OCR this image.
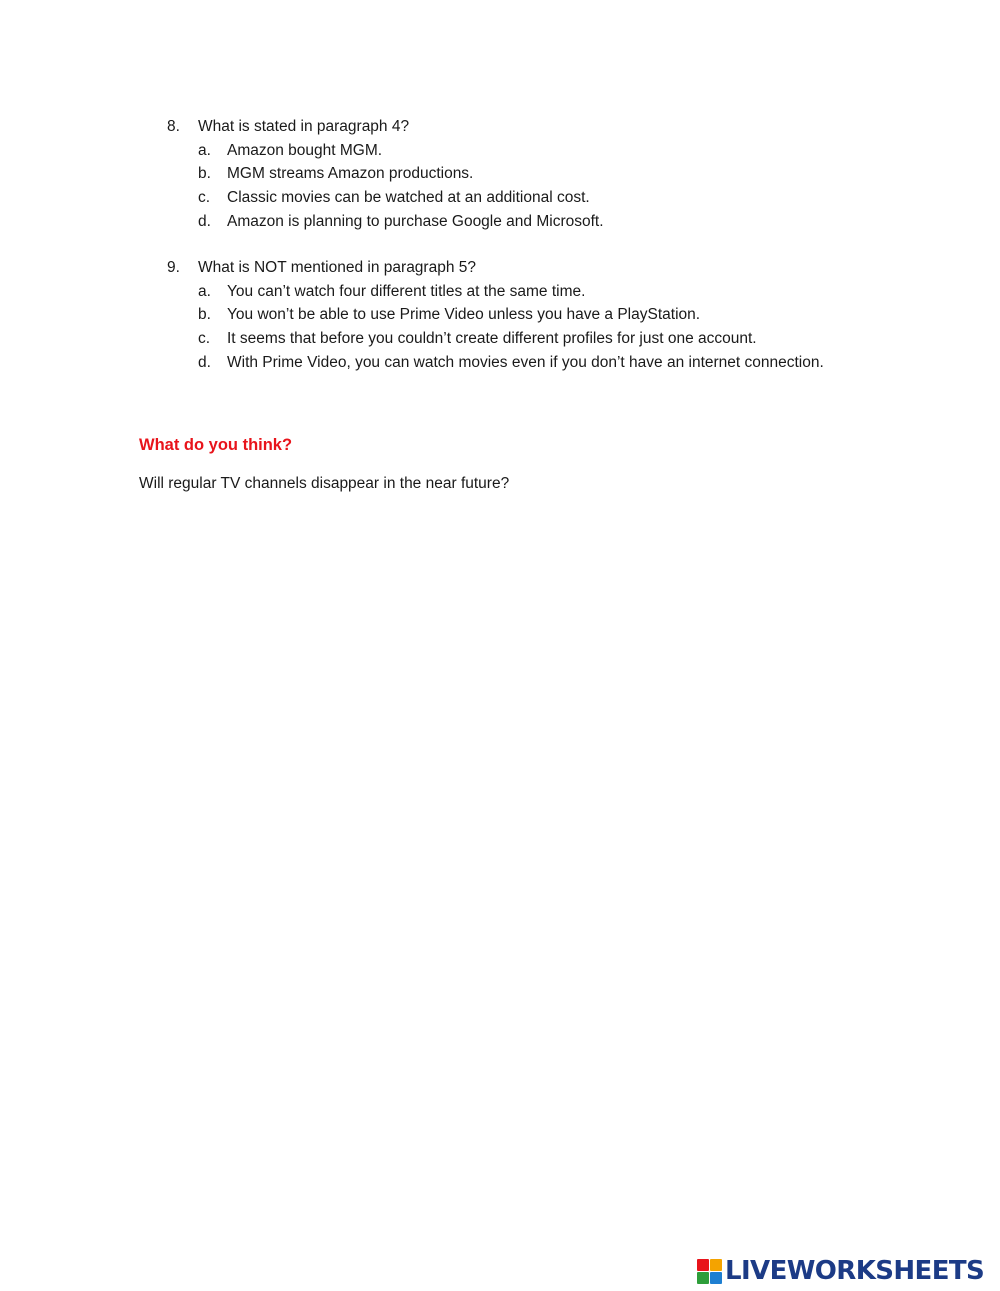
8.	What is stated in paragraph 4?
a.	Amazon bought MGM.
b.	MGM streams Amazon productions.
c.	Classic movies can be watched at an additional cost.
d.	Amazon is planning to purchase Google and Microsoft.
9.	What is NOT mentioned in paragraph 5?
a.	You can’t watch four different titles at the same time.
b.	You won’t be able to use Prime Video unless you have a PlayStation.
c.	It seems that before you couldn’t create different profiles for just one account.
d.	With Prime Video, you can watch movies even if you don’t have an internet connection.
What do you think?
Will regular TV channels disappear in the near future?
LIVEWORKSHEETS
